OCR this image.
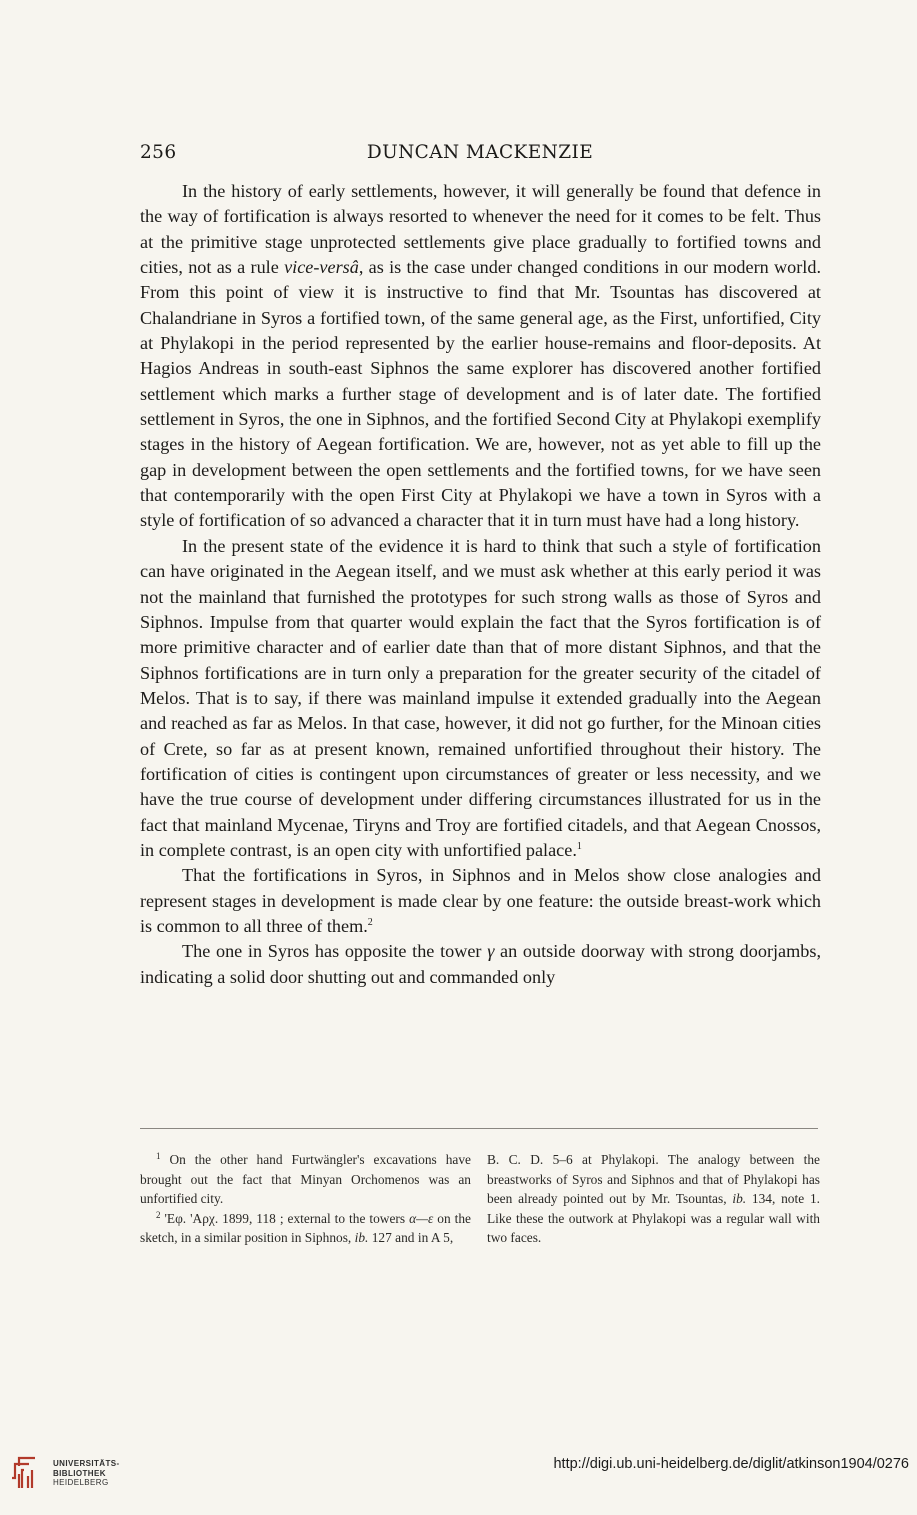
256	DUNCAN MACKENZIE

In the history of early settlements, however, it will generally be found that defence in the way of fortification is always resorted to whenever the need for it comes to be felt. Thus at the primitive stage unprotected settlements give place gradually to fortified towns and cities, not as a rule vice-versâ, as is the case under changed conditions in our modern world. From this point of view it is instructive to find that Mr. Tsountas has discovered at Chalandriane in Syros a fortified town, of the same general age, as the First, unfortified, City at Phylakopi in the period represented by the earlier house-remains and floor-deposits. At Hagios Andreas in south-east Siphnos the same explorer has discovered another fortified settlement which marks a further stage of development and is of later date. The fortified settlement in Syros, the one in Siphnos, and the fortified Second City at Phylakopi exemplify stages in the history of Aegean fortification. We are, however, not as yet able to fill up the gap in development between the open settlements and the fortified towns, for we have seen that contemporarily with the open First City at Phylakopi we have a town in Syros with a style of fortification of so advanced a character that it in turn must have had a long history.

In the present state of the evidence it is hard to think that such a style of fortification can have originated in the Aegean itself, and we must ask whether at this early period it was not the mainland that furnished the prototypes for such strong walls as those of Syros and Siphnos. Impulse from that quarter would explain the fact that the Syros fortification is of more primitive character and of earlier date than that of more distant Siphnos, and that the Siphnos fortifications are in turn only a preparation for the greater security of the citadel of Melos. That is to say, if there was mainland impulse it extended gradually into the Aegean and reached as far as Melos. In that case, however, it did not go further, for the Minoan cities of Crete, so far as at present known, remained unfortified throughout their history. The fortification of cities is contingent upon circumstances of greater or less necessity, and we have the true course of development under differing circumstances illustrated for us in the fact that mainland Mycenae, Tiryns and Troy are fortified citadels, and that Aegean Cnossos, in complete contrast, is an open city with unfortified palace.$^1$

That the fortifications in Syros, in Siphnos and in Melos show close analogies and represent stages in development is made clear by one feature: the outside breast-work which is common to all three of them.$^2$

The one in Syros has opposite the tower γ an outside doorway with strong doorjambs, indicating a solid door shutting out and commanded only

$^1$ On the other hand Furtwängler's excavations have brought out the fact that Minyan Orchomenos was an unfortified city.

$^2$ 'Εφ. 'Αρχ. 1899, 118 ; external to the towers α—ε on the sketch, in a similar position in Siphnos, ib. 127 and in A 5,

B. C. D. 5–6 at Phylakopi. The analogy between the breastworks of Syros and Siphnos and that of Phylakopi has been already pointed out by Mr. Tsountas, ib. 134, note 1. Like these the outwork at Phylakopi was a regular wall with two faces.

UNIVERSITÄTS-
BIBLIOTHEK
HEIDELBERG
http://digi.ub.uni-heidelberg.de/diglit/atkinson1904/0276
